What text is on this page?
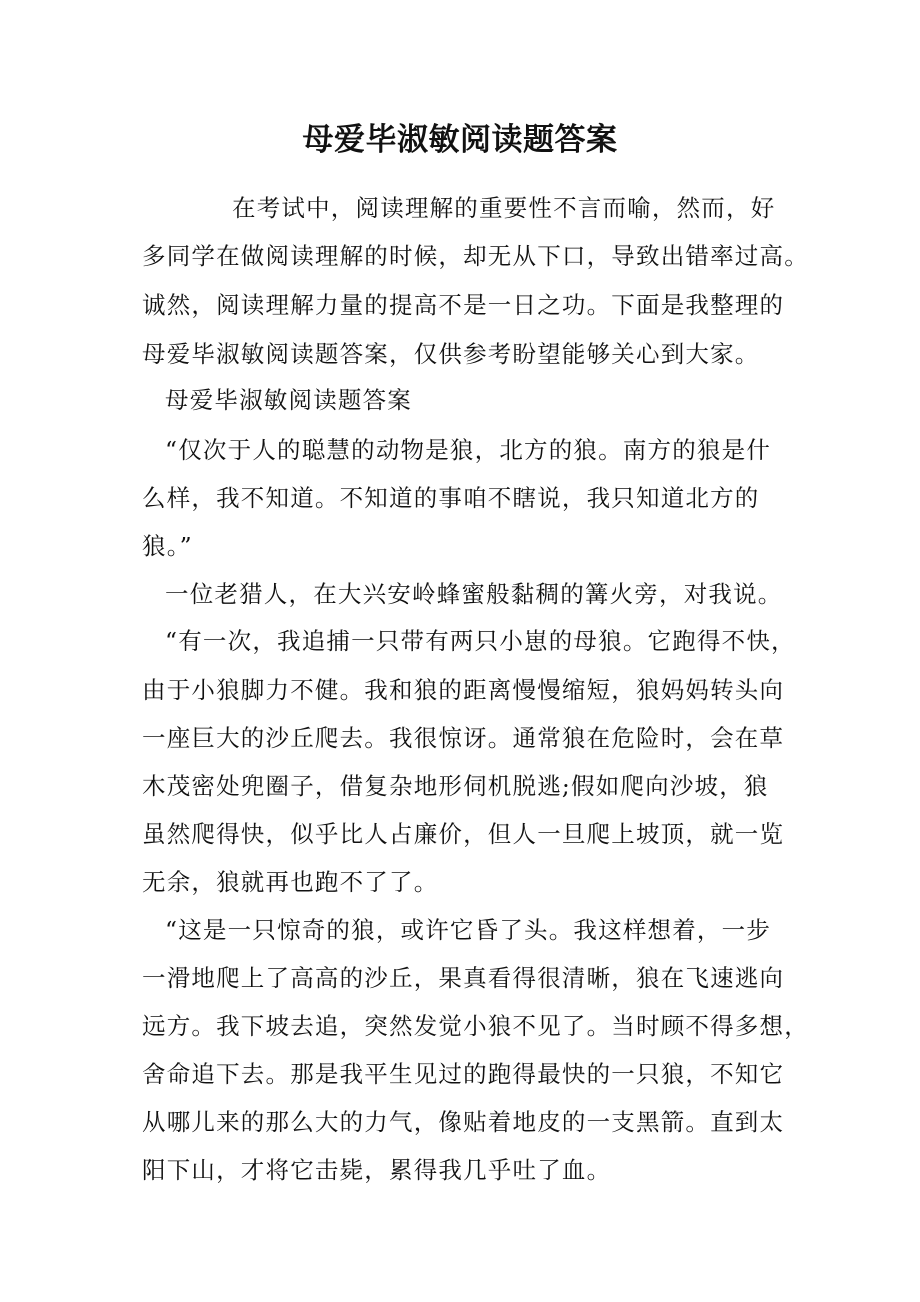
母爱毕淑敏阅读题答案
在考试中，阅读理解的重要性不言而喻，然而，好
多同学在做阅读理解的时候，却无从下口，导致出错率过高。
诚然，阅读理解力量的提高不是一日之功。下面是我整理的
母爱毕淑敏阅读题答案，仅供参考盼望能够关心到大家。
母爱毕淑敏阅读题答案
“仅次于人的聪慧的动物是狼，北方的狼。南方的狼是什
么样，我不知道。不知道的事咱不瞎说，我只知道北方的
狼。”
一位老猎人，在大兴安岭蜂蜜般黏稠的篝火旁，对我说。
“有一次，我追捕一只带有两只小崽的母狼。它跑得不快，
由于小狼脚力不健。我和狼的距离慢慢缩短，狼妈妈转头向
一座巨大的沙丘爬去。我很惊讶。通常狼在危险时，会在草
木茂密处兜圈子，借复杂地形伺机脱逃;假如爬向沙坡，狼
虽然爬得快，似乎比人占廉价，但人一旦爬上坡顶，就一览
无余，狼就再也跑不了了。
“这是一只惊奇的狼，或许它昏了头。我这样想着，一步
一滑地爬上了高高的沙丘，果真看得很清晰，狼在飞速逃向
远方。我下坡去追，突然发觉小狼不见了。当时顾不得多想，
舍命追下去。那是我平生见过的跑得最快的一只狼，不知它
从哪儿来的那么大的力气，像贴着地皮的一支黑箭。直到太
阳下山，才将它击毙，累得我几乎吐了血。
